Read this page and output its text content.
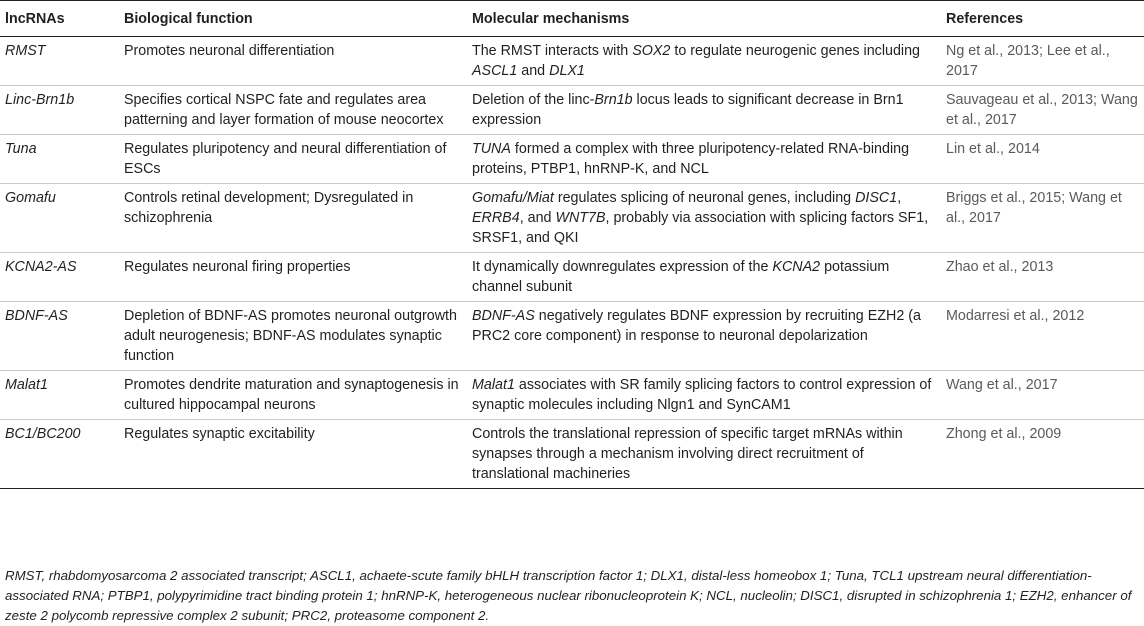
lncRNAs	Biological function	Molecular mechanisms	References
RMST	Promotes neuronal differentiation	The RMST interacts with SOX2 to regulate neurogenic genes including ASCL1 and DLX1	Ng et al., 2013; Lee et al., 2017
Linc-Brn1b	Specifies cortical NSPC fate and regulates area patterning and layer formation of mouse neocortex	Deletion of the linc-Brn1b locus leads to significant decrease in Brn1 expression	Sauvageau et al., 2013; Wang et al., 2017
Tuna	Regulates pluripotency and neural differentiation of ESCs	TUNA formed a complex with three pluripotency-related RNA-binding proteins, PTBP1, hnRNP-K, and NCL	Lin et al., 2014
Gomafu	Controls retinal development; Dysregulated in schizophrenia	Gomafu/Miat regulates splicing of neuronal genes, including DISC1, ERRB4, and WNT7B, probably via association with splicing factors SF1, SRSF1, and QKI	Briggs et al., 2015; Wang et al., 2017
KCNA2-AS	Regulates neuronal firing properties	It dynamically downregulates expression of the KCNA2 potassium channel subunit	Zhao et al., 2013
BDNF-AS	Depletion of BDNF-AS promotes neuronal outgrowth adult neurogenesis; BDNF-AS modulates synaptic function	BDNF-AS negatively regulates BDNF expression by recruiting EZH2 (a PRC2 core component) in response to neuronal depolarization	Modarresi et al., 2012
Malat1	Promotes dendrite maturation and synaptogenesis in cultured hippocampal neurons	Malat1 associates with SR family splicing factors to control expression of synaptic molecules including Nlgn1 and SynCAM1	Wang et al., 2017
BC1/BC200	Regulates synaptic excitability	Controls the translational repression of specific target mRNAs within synapses through a mechanism involving direct recruitment of translational machineries	Zhong et al., 2009
RMST, rhabdomyosarcoma 2 associated transcript; ASCL1, achaete-scute family bHLH transcription factor 1; DLX1, distal-less homeobox 1; Tuna, TCL1 upstream neural differentiation-associated RNA; PTBP1, polypyrimidine tract binding protein 1; hnRNP-K, heterogeneous nuclear ribonucleoprotein K; NCL, nucleolin; DISC1, disrupted in schizophrenia 1; EZH2, enhancer of zeste 2 polycomb repressive complex 2 subunit; PRC2, proteasome component 2.
